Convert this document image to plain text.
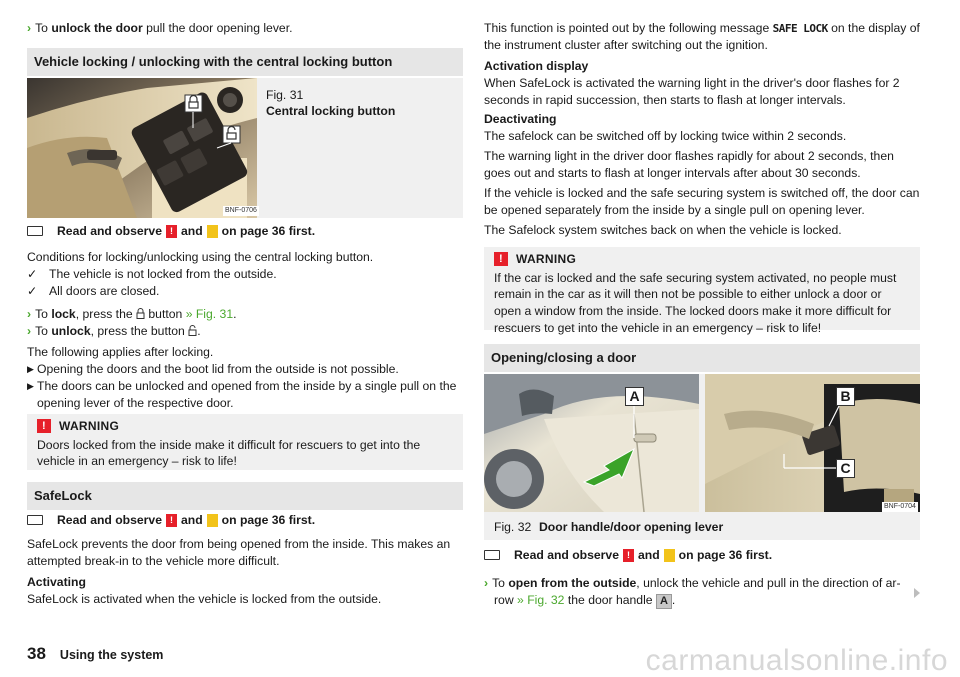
› To unlock the door pull the door opening lever.
Vehicle locking / unlocking with the central locking button
BNF-0706
Fig. 31
Central locking button
Read and observe ! and on page 36 first.
Conditions for locking/unlocking using the central locking button.
✓ The vehicle is not locked from the outside.
✓ All doors are closed.
› To lock, press the button » Fig. 31.
› To unlock, press the button .
The following applies after locking.
▶ Opening the doors and the boot lid from the outside is not possible.
▶ The doors can be unlocked and opened from the inside by a single pull on the opening lever of the respective door.
!	WARNING
Doors locked from the inside make it difficult for rescuers to get into the vehicle in an emergency – risk to life!
SafeLock
Read and observe ! and on page 36 first.
SafeLock prevents the door from being opened from the inside. This makes an attempted break-in to the vehicle more difficult.
Activating
SafeLock is activated when the vehicle is locked from the outside.
This function is pointed out by the following message SAFE LOCK on the display of the instrument cluster after switching out the ignition.
Activation display
When SafeLock is activated the warning light in the driver's door flashes for 2 seconds in rapid succession, then starts to flash at longer intervals.
Deactivating
The safelock can be switched off by locking twice within 2 seconds.
The warning light in the driver door flashes rapidly for about 2 seconds, then goes out and starts to flash at longer intervals after about 30 seconds.
If the vehicle is locked and the safe securing system is switched off, the door can be opened separately from the inside by a single pull on opening lever.
The Safelock system switches back on when the vehicle is locked.
!	WARNING
If the car is locked and the safe securing system activated, no people must remain in the car as it will then not be possible to either unlock a door or open a window from the inside. The locked doors make it more difficult for rescuers to get into the vehicle in an emergency – risk to life!
Opening/closing a door
A	B
C
BNF-0704
Fig. 32 Door handle/door opening lever
Read and observe ! and on page 36 first.
› To open from the outside, unlock the vehicle and pull in the direction of ar-
row » Fig. 32 the door handle A .
38 Using the system	carmanualsonline.info
